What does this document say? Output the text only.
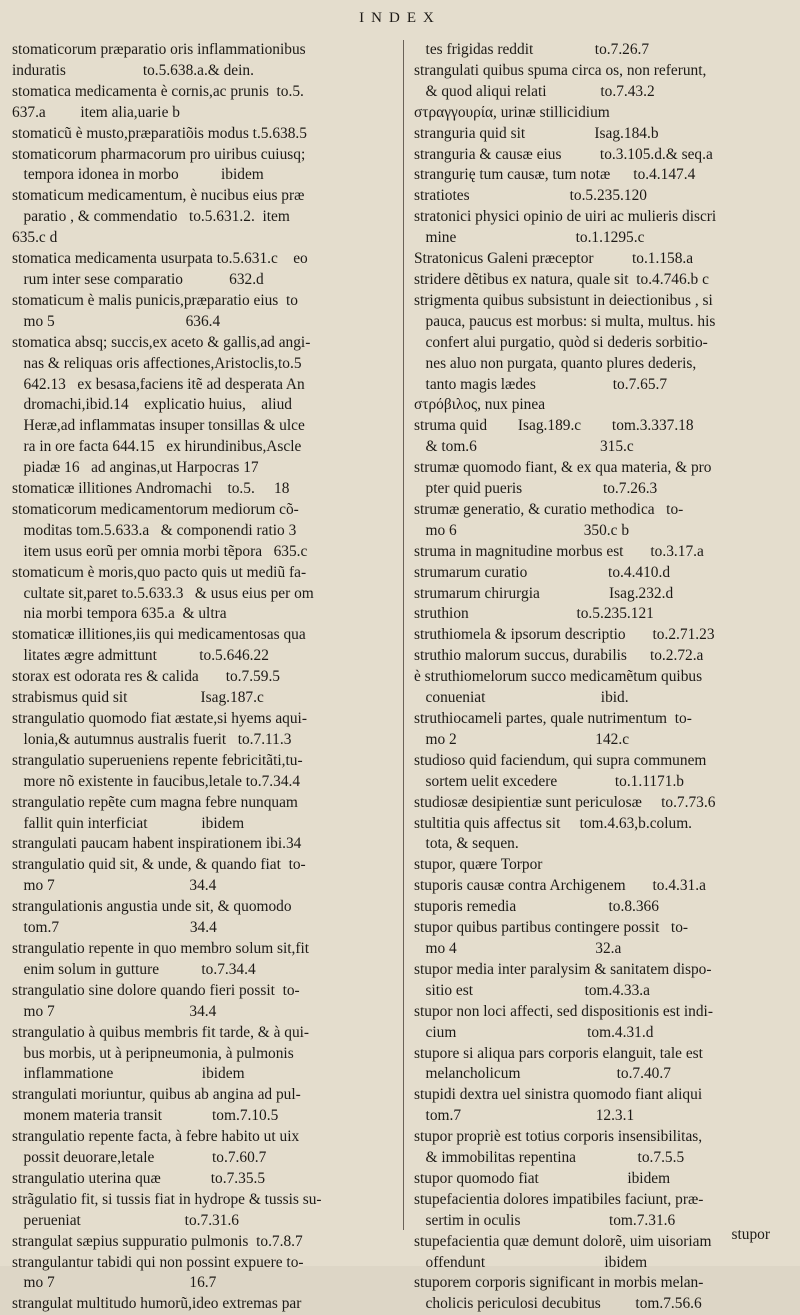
INDEX
stomaticorum præparatio oris inflammationibus
induratis                    to.5.638.a.& dein.
stomatica medicamenta è cornis,ac prunis  to.5.
637.a         item alia,uarie b
stomaticũ è musto,præparatiõis modus t.5.638.5
stomaticorum pharmacorum pro uiribus cuiusq;
tempora idonea in morbo           ibidem
stomaticum medicamentum, è nucibus eius præ
paratio , & commendatio   to.5.631.2.  item
635.c d
stomatica medicamenta usurpata to.5.631.c    eo
rum inter sese comparatio            632.d
stomaticum è malis punicis,præparatio eius  to
mo 5                                  636.4
stomatica absq; succis,ex aceto & gallis,ad angi-
nas & reliquas oris affectiones,Aristoclis,to.5
642.13   ex besasa,faciens itẽ ad desperata An
dromachi,ibid.14    explicatio huius,    aliud
Heræ,ad inflammatas insuper tonsillas & ulce
ra in ore facta 644.15   ex hirundinibus,Ascle
piadæ 16   ad anginas,ut Harpocras 17
stomaticæ illitiones Andromachi    to.5.     18
stomaticorum medicamentorum mediorum cõ-
moditas tom.5.633.a   & componendi ratio 3
item usus eorũ per omnia morbi tẽpora   635.c
stomaticum è moris,quo pacto quis ut mediũ fa-
cultate sit,paret to.5.633.3   & usus eius per om
nia morbi tempora 635.a  & ultra
stomaticæ illitiones,iis qui medicamentosas qua
litates ægre admittunt           to.5.646.22
storax est odorata res & calida       to.7.59.5
strabismus quid sit                   Isag.187.c
strangulatio quomodo fiat æstate,si hyems aqui-
lonia,& autumnus australis fuerit   to.7.11.3
strangulatio superueniens repente febricitãti,tu-
more nõ existente in faucibus,letale to.7.34.4
strangulatio repẽte cum magna febre nunquam
fallit quin interficiat              ibidem
strangulati paucam habent inspirationem ibi.34
strangulatio quid sit, & unde, & quando fiat  to-
mo 7                                   34.4
strangulationis angustia unde sit, & quomodo
tom.7                                  34.4
strangulatio repente in quo membro solum sit,fit
enim solum in gutture           to.7.34.4
strangulatio sine dolore quando fieri possit  to-
mo 7                                   34.4
strangulatio à quibus membris fit tarde, & à qui-
bus morbis, ut à peripneumonia, à pulmonis
inflammatione                       ibidem
strangulati moriuntur, quibus ab angina ad pul-
monem materia transit             tom.7.10.5
strangulatio repente facta, à febre habito ut uix
possit deuorare,letale               to.7.60.7
strangulatio uterina quæ             to.7.35.5
strãgulatio fit, si tussis fiat in hydrope & tussis su-
perueniat                           to.7.31.6
strangulat sæpius suppuratio pulmonis  to.7.8.7
strangulantur tabidi qui non possint expuere to-
mo 7                                   16.7
strangulat multitudo humorũ,ideo extremas par
tes frigidas reddit                to.7.26.7
strangulati quibus spuma circa os, non referunt,
& quod aliqui relati              to.7.43.2
στραγγουρία, urinæ stillicidium
stranguria quid sit                  Isag.184.b
stranguria & causæ eius          to.3.105.d.& seq.a
strangurię tum causæ, tum notæ      to.4.147.4
stratiotes                          to.5.235.120
stratonici physici opinio de uiri ac mulieris discri
mine                               to.1.1295.c
Stratonicus Galeni præceptor          to.1.158.a
stridere dẽtibus ex natura, quale sit  to.4.746.b c
strigmenta quibus subsistunt in deiectionibus , si
pauca, paucus est morbus: si multa, multus. his
confert alui purgatio, quòd si dederis sorbitio-
nes aluo non purgata, quanto plures dederis,
tanto magis lædes                    to.7.65.7
στρόβιλος, nux pinea
struma quid        Isag.189.c        tom.3.337.18
& tom.6                                315.c
strumæ quomodo fiant, & ex qua materia, & pro
pter quid pueris                     to.7.26.3
strumæ generatio, & curatio methodica   to-
mo 6                                 350.c b
struma in magnitudine morbus est       to.3.17.a
strumarum curatio                     to.4.410.d
strumarum chirurgia                  Isag.232.d
struthion                            to.5.235.121
struthiomela & ipsorum descriptio       to.2.71.23
struthio malorum succus, durabilis      to.2.72.a
è struthiomelorum succo medicamẽtum quibus
conueniat                              ibid.
struthiocameli partes, quale nutrimentum  to-
mo 2                                    142.c
studioso quid faciendum, qui supra communem
sortem uelit excedere               to.1.1171.b
studiosæ desipientiæ sunt periculosæ     to.7.73.6
stultitia quis affectus sit     tom.4.63,b.colum.
tota, & sequen.
stupor, quære Torpor
stuporis causæ contra Archigenem       to.4.31.a
stuporis remedia                        to.8.366
stupor quibus partibus contingere possit   to-
mo 4                                    32.a
stupor media inter paralysim & sanitatem dispo-
sitio est                             tom.4.33.a
stupor non loci affecti, sed dispositionis est indi-
cium                                  tom.4.31.d
stupore si aliqua pars corporis elanguit, tale est
melancholicum                         to.7.40.7
stupidi dextra uel sinistra quomodo fiant aliqui
tom.7                                   12.3.1
stupor propriè est totius corporis insensibilitas,
& immobilitas repentina                to.7.5.5
stupor quomodo fiat                       ibidem
stupefacientia dolores impatibiles faciunt, præ-
sertim in oculis                       tom.7.31.6
stupefacientia quæ demunt dolorẽ, uim uisoriam
offendunt                               ibidem
stuporem corporis significant in morbis melan-
cholicis periculosi decubitus         tom.7.56.6
stupor
